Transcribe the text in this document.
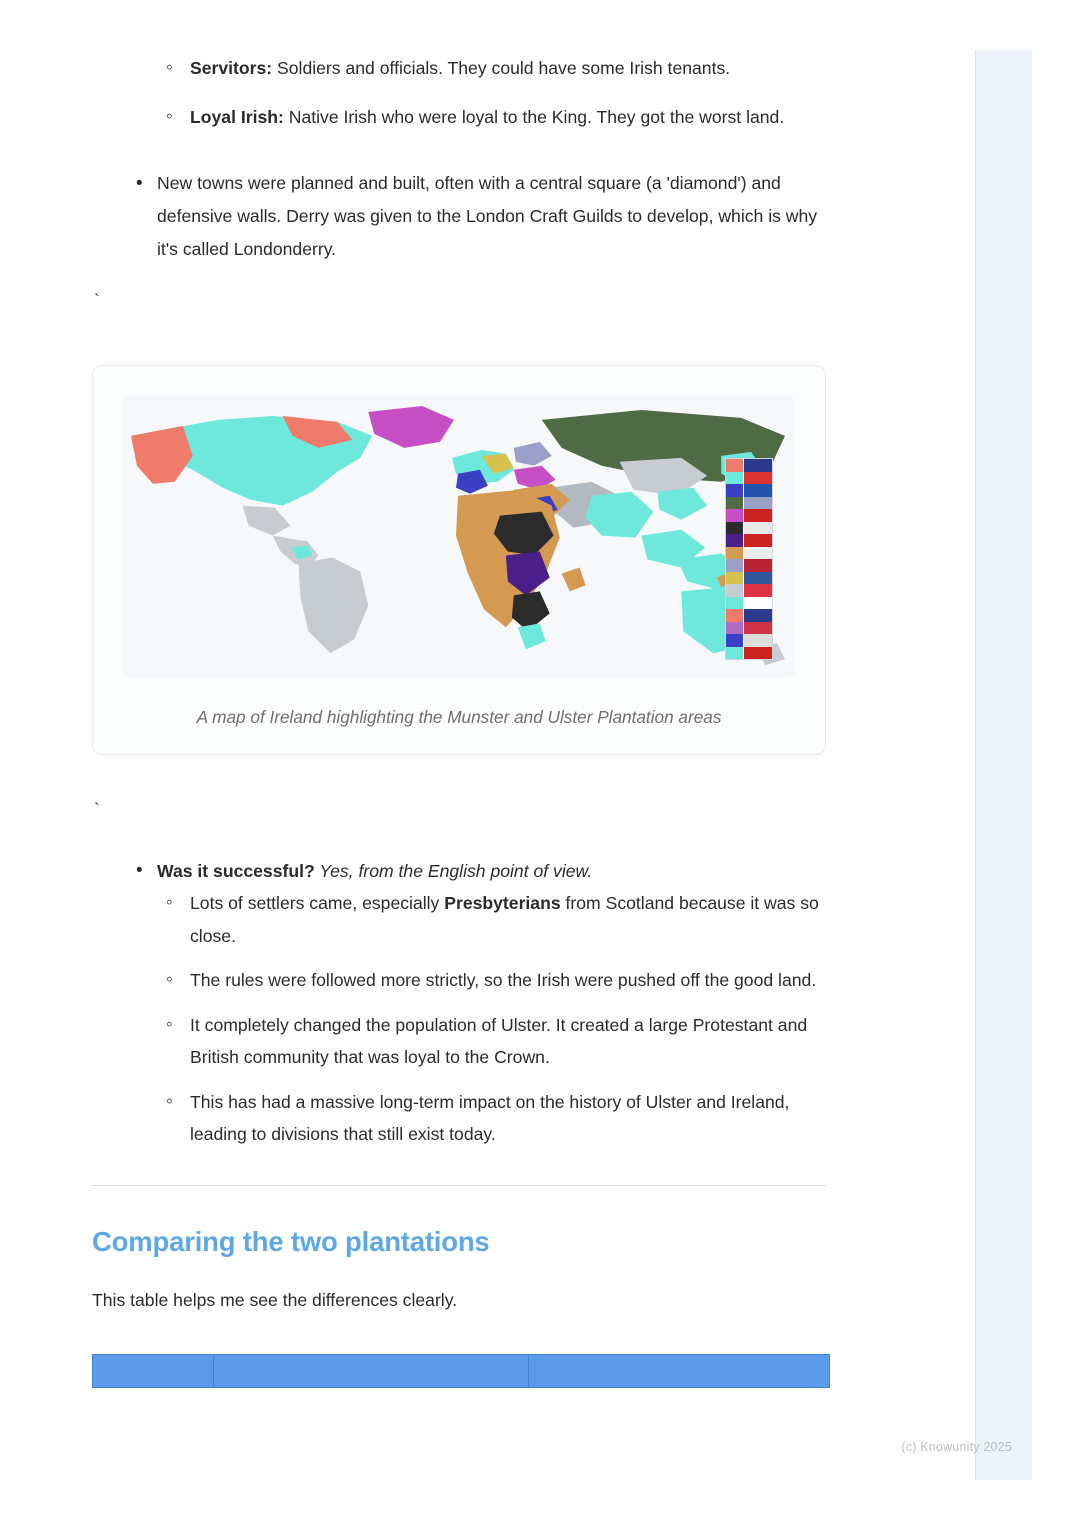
(c) Knowunity 2025
◦ Servitors: Soldiers and officials. They could have some Irish tenants.
◦ Loyal Irish: Native Irish who were loyal to the King. They got the worst land.
• New towns were planned and built, often with a central square (a 'diamond') and defensive walls. Derry was given to the London Craft Guilds to develop, which is why it's called Londonderry.
`
A map of Ireland highlighting the Munster and Ulster Plantation areas
`
• Was it successful? Yes, from the English point of view.
◦ Lots of settlers came, especially Presbyterians from Scotland because it was so close.
◦ The rules were followed more strictly, so the Irish were pushed off the good land.
◦ It completely changed the population of Ulster. It created a large Protestant and British community that was loyal to the Crown.
◦ This has had a massive long-term impact on the history of Ulster and Ireland, leading to divisions that still exist today.
Comparing the two plantations

This table helps me see the differences clearly.
